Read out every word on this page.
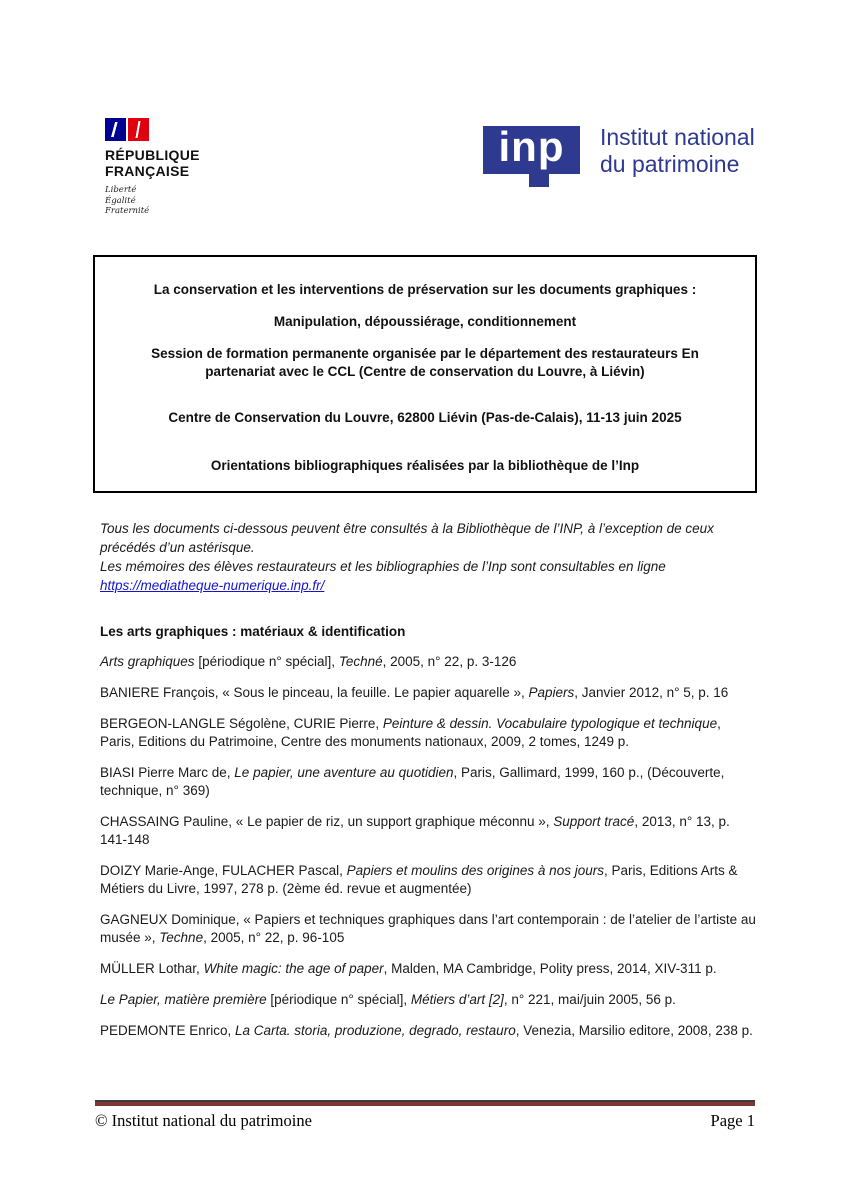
RÉPUBLIQUE
FRANÇAISE
Liberté
Égalité
Fraternité
inp Institut national
du patrimoine

La conservation et les interventions de préservation sur les documents graphiques :

Manipulation, dépoussiérage, conditionnement

Session de formation permanente organisée par le département des restaurateurs En partenariat avec le CCL (Centre de conservation du Louvre, à Liévin)

Centre de Conservation du Louvre, 62800 Liévin (Pas-de-Calais), 11-13 juin 2025

Orientations bibliographiques réalisées par la bibliothèque de l’Inp

Tous les documents ci-dessous peuvent être consultés à la Bibliothèque de l’INP, à l’exception de ceux précédés d’un astérisque.

Les mémoires des élèves restaurateurs et les bibliographies de l’Inp sont consultables en ligne

https://mediatheque-numerique.inp.fr/

Les arts graphiques : matériaux & identification

Arts graphiques [périodique n° spécial], Techné, 2005, n° 22, p. 3-126

BANIERE François, « Sous le pinceau, la feuille. Le papier aquarelle », Papiers, Janvier 2012, n° 5, p. 16

BERGEON-LANGLE Ségolène, CURIE Pierre, Peinture & dessin. Vocabulaire typologique et technique, Paris, Editions du Patrimoine, Centre des monuments nationaux, 2009, 2 tomes, 1249 p.

BIASI Pierre Marc de, Le papier, une aventure au quotidien, Paris, Gallimard, 1999, 160 p., (Découverte, technique, n° 369)

CHASSAING Pauline, « Le papier de riz, un support graphique méconnu », Support tracé, 2013, n° 13, p. 141-148

DOIZY Marie-Ange, FULACHER Pascal, Papiers et moulins des origines à nos jours, Paris, Editions Arts & Métiers du Livre, 1997, 278 p. (2ème éd. revue et augmentée)

GAGNEUX Dominique, « Papiers et techniques graphiques dans l’art contemporain : de l’atelier de l’artiste au musée », Techne, 2005, n° 22, p. 96-105

MÜLLER Lothar, White magic: the age of paper, Malden, MA Cambridge, Polity press, 2014, XIV-311 p.

Le Papier, matière première [périodique n° spécial], Métiers d’art [2], n° 221, mai/juin 2005, 56 p.

PEDEMONTE Enrico, La Carta. storia, produzione, degrado, restauro, Venezia, Marsilio editore, 2008, 238 p.

© Institut national du patrimoine	Page 1
